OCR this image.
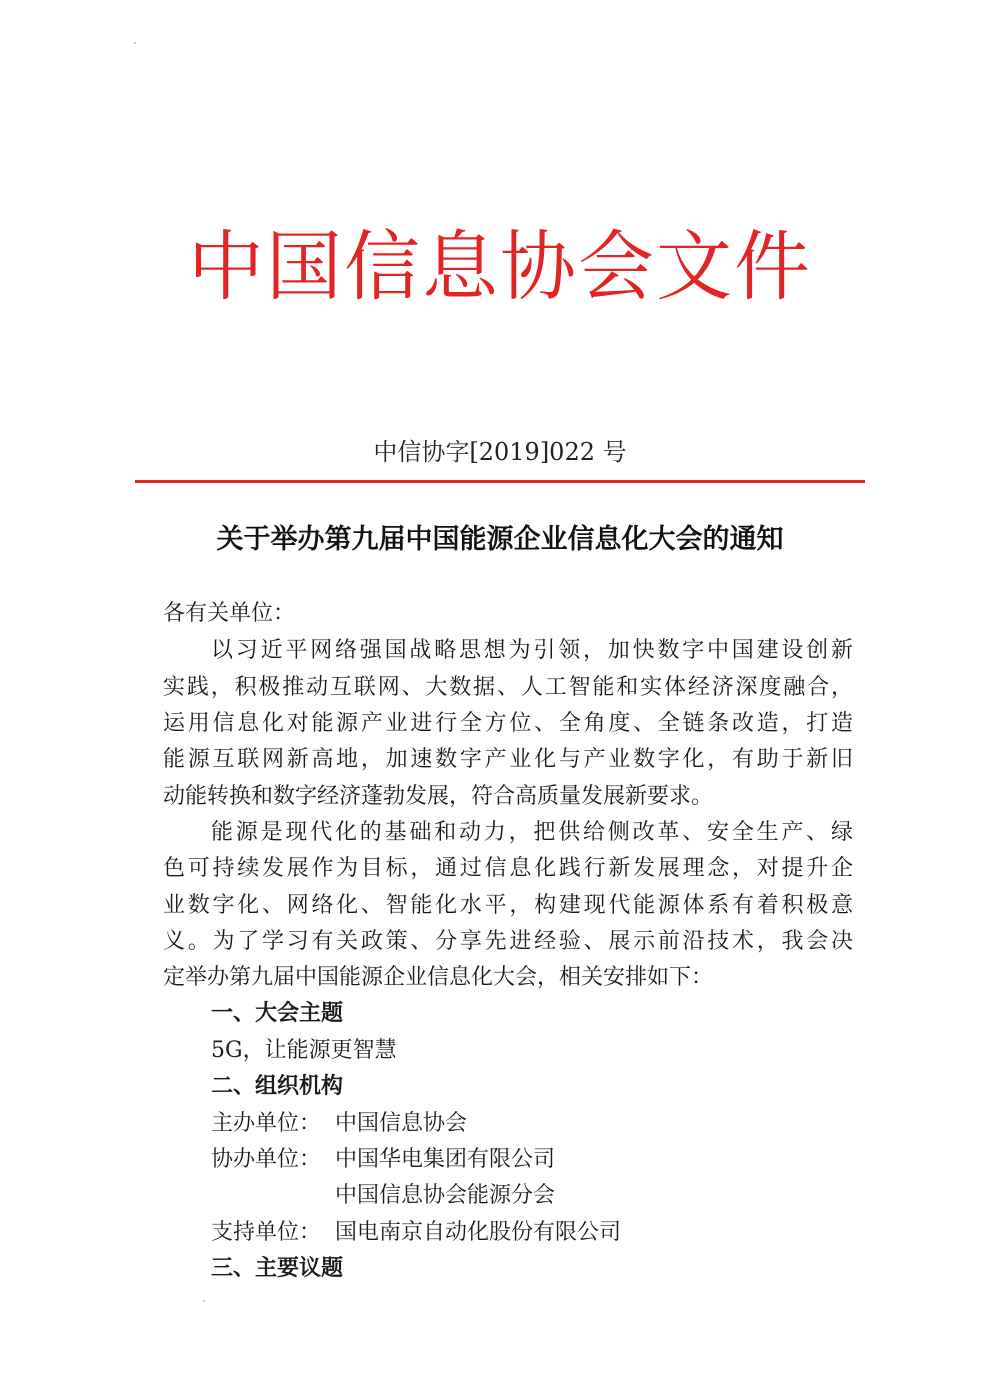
中国信息协会文件
中信协字[2019]022 号
关于举办第九届中国能源企业信息化大会的通知
各有关单位：
以习近平网络强国战略思想为引领，加快数字中国建设创新
实践，积极推动互联网、大数据、人工智能和实体经济深度融合，
运用信息化对能源产业进行全方位、全角度、全链条改造，打造
能源互联网新高地，加速数字产业化与产业数字化，有助于新旧
动能转换和数字经济蓬勃发展，符合高质量发展新要求。
能源是现代化的基础和动力，把供给侧改革、安全生产、绿
色可持续发展作为目标，通过信息化践行新发展理念，对提升企
业数字化、网络化、智能化水平，构建现代能源体系有着积极意
义。为了学习有关政策、分享先进经验、展示前沿技术，我会决
定举办第九届中国能源企业信息化大会，相关安排如下：
一、大会主题
5G，让能源更智慧
二、组织机构
主办单位： 中国信息协会
协办单位： 中国华电集团有限公司
中国信息协会能源分会
支持单位： 国电南京自动化股份有限公司
三、主要议题
